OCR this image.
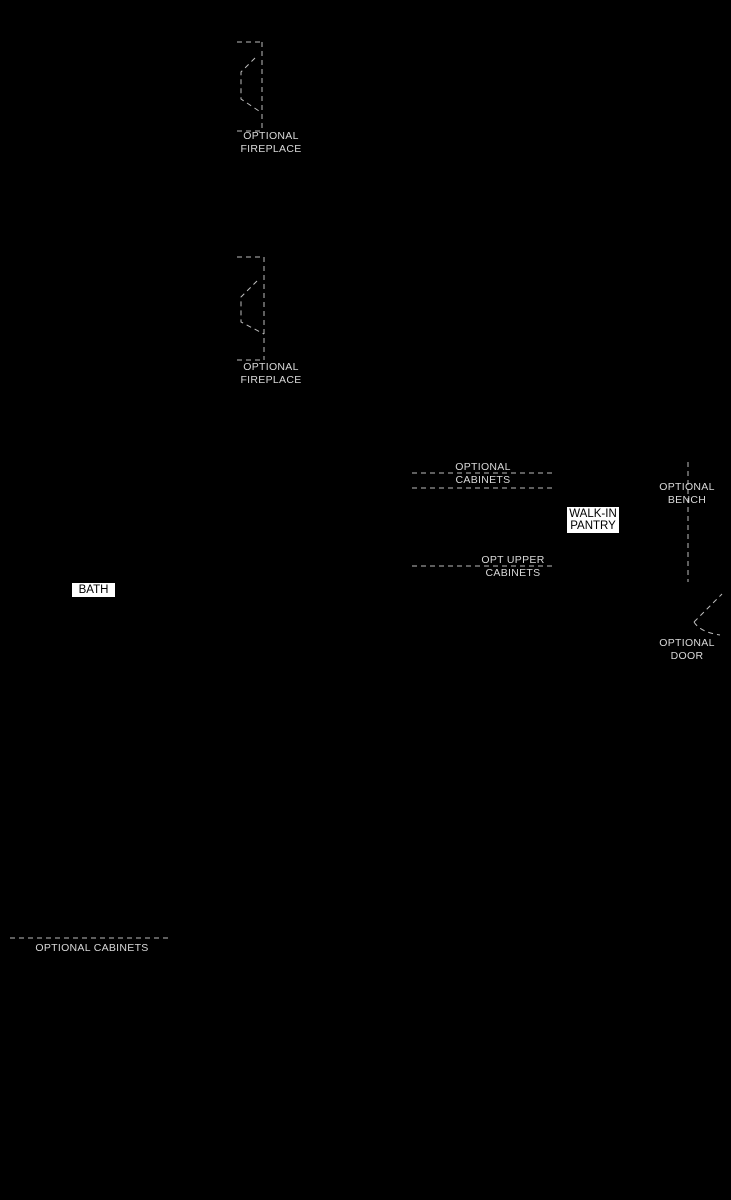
OPTIONAL
FIREPLACE
OPTIONAL
FIREPLACE
OPTIONAL
CABINETS
OPT UPPER
CABINETS
WALK-IN
PANTRY
OPTIONAL
BENCH
OPTIONAL
DOOR
BATH
OPTIONAL CABINETS
